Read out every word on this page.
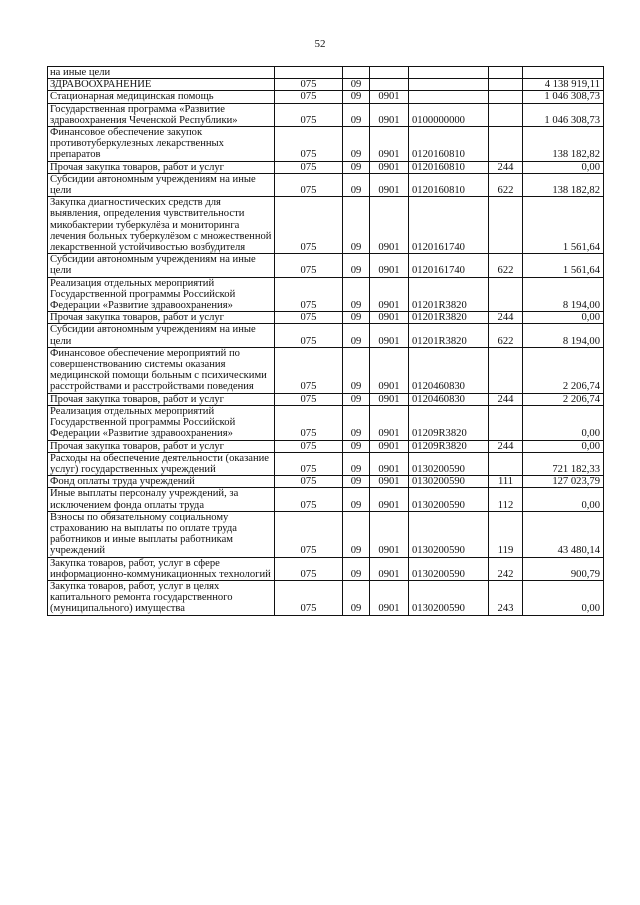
52
на иные цели						
ЗДРАВООХРАНЕНИЕ	075	09				4 138 919,11
Стационарная медицинская помощь	075	09	0901			1 046 308,73
Государственная программа «Развитие здравоохранения Чеченской Республики»	075	09	0901	0100000000		1 046 308,73
Финансовое обеспечение закупок противотуберкулезных лекарственных препаратов	075	09	0901	0120160810		138 182,82
Прочая закупка товаров, работ и услуг	075	09	0901	0120160810	244	0,00
Субсидии автономным учреждениям на иные цели	075	09	0901	0120160810	622	138 182,82
Закупка диагностических средств для выявления, определения чувствительности микобактерии туберкулёза и мониторинга лечения больных туберкулёзом с множественной лекарственной устойчивостью возбудителя	075	09	0901	0120161740		1 561,64
Субсидии автономным учреждениям на иные цели	075	09	0901	0120161740	622	1 561,64
Реализация отдельных мероприятий Государственной программы Российской Федерации «Развитие здравоохранения»	075	09	0901	01201R3820		8 194,00
Прочая закупка товаров, работ и услуг	075	09	0901	01201R3820	244	0,00
Субсидии автономным учреждениям на иные цели	075	09	0901	01201R3820	622	8 194,00
Финансовое обеспечение мероприятий по совершенствованию системы оказания медицинской помощи больным с психическими расстройствами и расстройствами поведения	075	09	0901	0120460830		2 206,74
Прочая закупка товаров, работ и услуг	075	09	0901	0120460830	244	2 206,74
Реализация отдельных мероприятий Государственной программы Российской Федерации «Развитие здравоохранения»	075	09	0901	01209R3820		0,00
Прочая закупка товаров, работ и услуг	075	09	0901	01209R3820	244	0,00
Расходы на обеспечение деятельности (оказание услуг) государственных учреждений	075	09	0901	0130200590		721 182,33
Фонд оплаты труда учреждений	075	09	0901	0130200590	111	127 023,79
Иные выплаты персоналу учреждений, за исключением фонда оплаты труда	075	09	0901	0130200590	112	0,00
Взносы по обязательному социальному страхованию на выплаты по оплате труда работников и иные выплаты работникам учреждений	075	09	0901	0130200590	119	43 480,14
Закупка товаров, работ, услуг в сфере информационно-коммуникационных технологий	075	09	0901	0130200590	242	900,79
Закупка товаров, работ, услуг в целях капитального ремонта государственного (муниципального) имущества	075	09	0901	0130200590	243	0,00
